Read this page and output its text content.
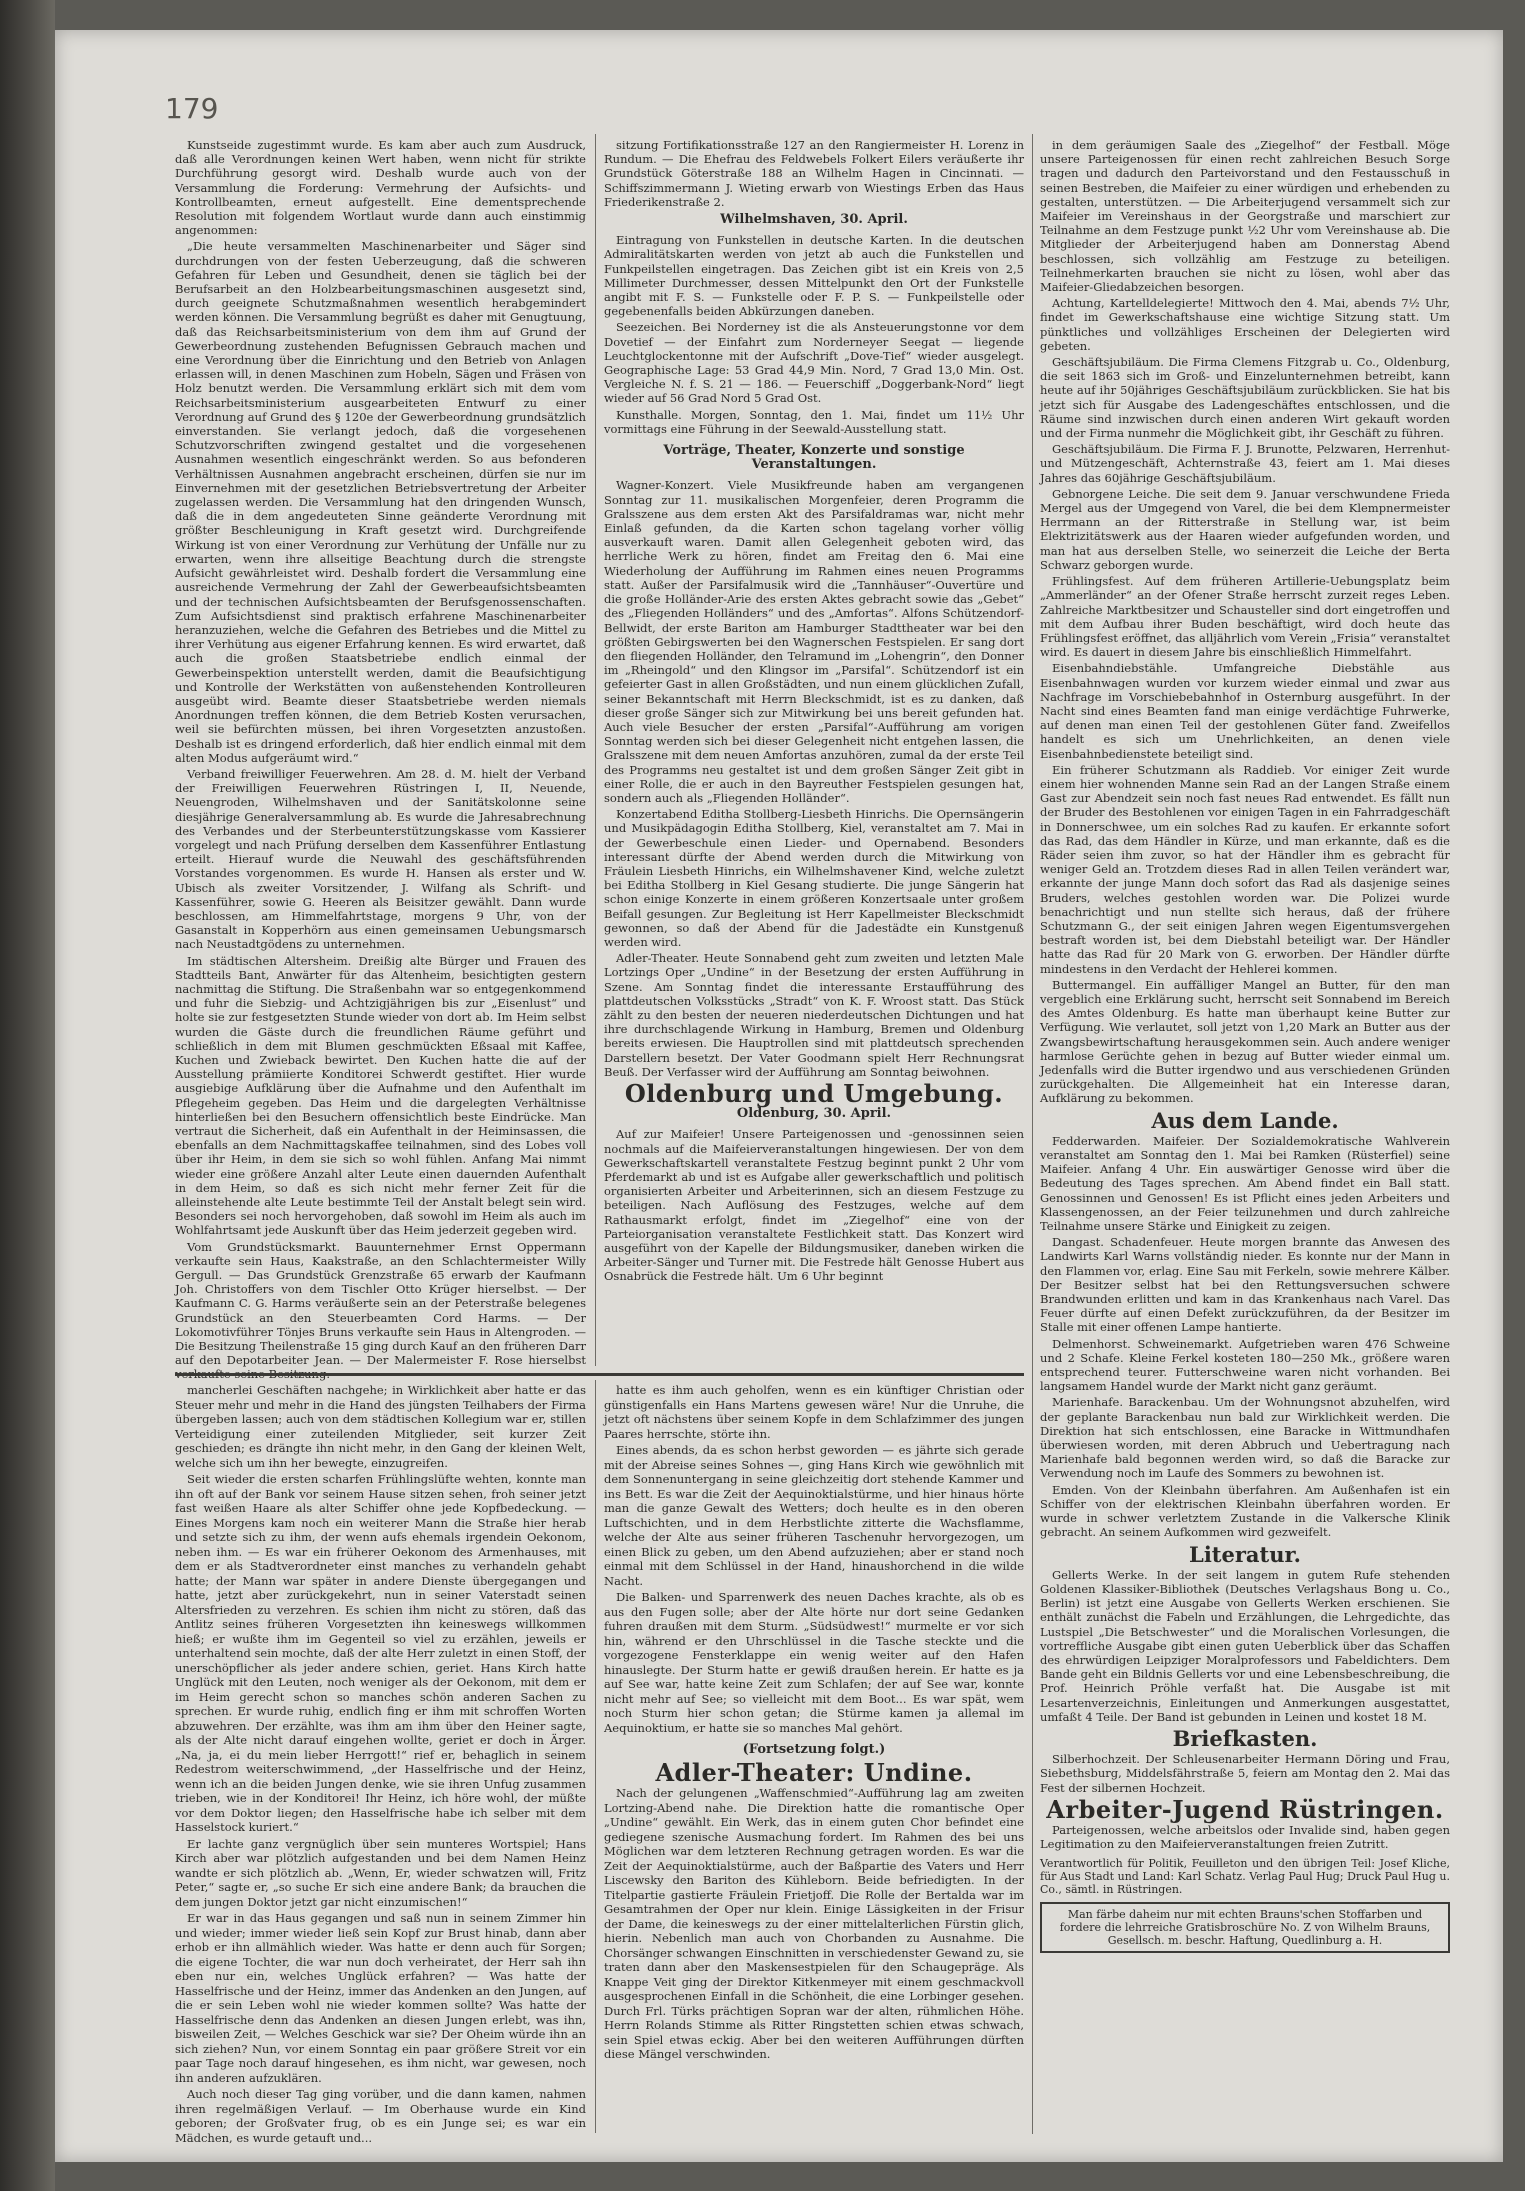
179

Kunstseide zugestimmt wurde. Es kam aber auch zum Ausdruck, daß alle Verordnungen keinen Wert haben, wenn nicht für strikte Durchführung gesorgt wird. Deshalb wurde auch von der Versammlung die Forderung: Vermehrung der Aufsichts- und Kontrollbeamten, erneut aufgestellt. Eine dementsprechende Resolution mit folgendem Wortlaut wurde dann auch einstimmig angenommen:

„Die heute versammelten Maschinenarbeiter und Säger sind durchdrungen von der festen Ueberzeugung, daß die schweren Gefahren für Leben und Gesundheit, denen sie täglich bei der Berufsarbeit an den Holzbearbeitungsmaschinen ausgesetzt sind, durch geeignete Schutzmaßnahmen wesentlich herabgemindert werden können. Die Versammlung begrüßt es daher mit Genugtuung, daß das Reichsarbeitsministerium von dem ihm auf Grund der Gewerbeordnung zustehenden Befugnissen Gebrauch machen und eine Verordnung über die Einrichtung und den Betrieb von Anlagen erlassen will, in denen Maschinen zum Hobeln, Sägen und Fräsen von Holz benutzt werden. Die Versammlung erklärt sich mit dem vom Reichsarbeitsministerium ausgearbeiteten Entwurf zu einer Verordnung auf Grund des § 120e der Gewerbeordnung grundsätzlich einverstanden. Sie verlangt jedoch, daß die vorgesehenen Schutzvorschriften zwingend gestaltet und die vorgesehenen Ausnahmen wesentlich eingeschränkt werden. So aus befonderen Verhältnissen Ausnahmen angebracht erscheinen, dürfen sie nur im Einvernehmen mit der gesetzlichen Betriebsvertretung der Arbeiter zugelassen werden. Die Versammlung hat den dringenden Wunsch, daß die in dem angedeuteten Sinne geänderte Verordnung mit größter Beschleunigung in Kraft gesetzt wird. Durchgreifende Wirkung ist von einer Verordnung zur Verhütung der Unfälle nur zu erwarten, wenn ihre allseitige Beachtung durch die strengste Aufsicht gewährleistet wird. Deshalb fordert die Versammlung eine ausreichende Vermehrung der Zahl der Gewerbeaufsichtsbeamten und der technischen Aufsichtsbeamten der Berufsgenossenschaften. Zum Aufsichtsdienst sind praktisch erfahrene Maschinenarbeiter heranzuziehen, welche die Gefahren des Betriebes und die Mittel zu ihrer Verhütung aus eigener Erfahrung kennen. Es wird erwartet, daß auch die großen Staatsbetriebe endlich einmal der Gewerbeinspektion unterstellt werden, damit die Beaufsichtigung und Kontrolle der Werkstätten von außenstehenden Kontrolleuren ausgeübt wird. Beamte dieser Staatsbetriebe werden niemals Anordnungen treffen können, die dem Betrieb Kosten verursachen, weil sie befürchten müssen, bei ihren Vorgesetzten anzustoßen. Deshalb ist es dringend erforderlich, daß hier endlich einmal mit dem alten Modus aufgeräumt wird.“

Verband freiwilliger Feuerwehren. Am 28. d. M. hielt der Verband der Freiwilligen Feuerwehren Rüstringen I, II, Neuende, Neuengroden, Wilhelmshaven und der Sanitätskolonne seine diesjährige Generalversammlung ab. Es wurde die Jahresabrechnung des Verbandes und der Sterbeunterstützungskasse vom Kassierer vorgelegt und nach Prüfung derselben dem Kassenführer Entlastung erteilt. Hierauf wurde die Neuwahl des geschäftsführenden Vorstandes vorgenommen. Es wurde H. Hansen als erster und W. Ubisch als zweiter Vorsitzender, J. Wilfang als Schrift- und Kassenführer, sowie G. Heeren als Beisitzer gewählt. Dann wurde beschlossen, am Himmelfahrtstage, morgens 9 Uhr, von der Gasanstalt in Kopperhörn aus einen gemeinsamen Uebungsmarsch nach Neustadtgödens zu unternehmen.

Im städtischen Altersheim. Dreißig alte Bürger und Frauen des Stadtteils Bant, Anwärter für das Altenheim, besichtigten gestern nachmittag die Stiftung. Die Straßenbahn war so entgegenkommend und fuhr die Siebzig- und Achtzigjährigen bis zur „Eisenlust“ und holte sie zur festgesetzten Stunde wieder von dort ab. Im Heim selbst wurden die Gäste durch die freundlichen Räume geführt und schließlich in dem mit Blumen geschmückten Eßsaal mit Kaffee, Kuchen und Zwieback bewirtet. Den Kuchen hatte die auf der Ausstellung prämiierte Konditorei Schwerdt gestiftet. Hier wurde ausgiebige Aufklärung über die Aufnahme und den Aufenthalt im Pflegeheim gegeben. Das Heim und die dargelegten Verhältnisse hinterließen bei den Besuchern offensichtlich beste Eindrücke. Man vertraut die Sicherheit, daß ein Aufenthalt in der Heiminsassen, die ebenfalls an dem Nachmittagskaffee teilnahmen, sind des Lobes voll über ihr Heim, in dem sie sich so wohl fühlen. Anfang Mai nimmt wieder eine größere Anzahl alter Leute einen dauernden Aufenthalt in dem Heim, so daß es sich nicht mehr ferner Zeit für die alleinstehende alte Leute bestimmte Teil der Anstalt belegt sein wird. Besonders sei noch hervorgehoben, daß sowohl im Heim als auch im Wohlfahrtsamt jede Auskunft über das Heim jederzeit gegeben wird.

Vom Grundstücksmarkt. Bauunternehmer Ernst Oppermann verkaufte sein Haus, Kaakstraße, an den Schlachtermeister Willy Gergull. — Das Grundstück Grenzstraße 65 erwarb der Kaufmann Joh. Christoffers von dem Tischler Otto Krüger hierselbst. — Der Kaufmann C. G. Harms veräußerte sein an der Peterstraße belegenes Grundstück an den Steuerbeamten Cord Harms. — Der Lokomotivführer Tönjes Bruns verkaufte sein Haus in Altengroden. — Die Besitzung Theilenstraße 15 ging durch Kauf an den früheren Darr auf den Depotarbeiter Jean. — Der Malermeister F. Rose hierselbst

sitzung Fortifikationsstraße 127 an den Rangiermeister H. Lorenz in Rundum. — Die Ehefrau des Feldwebels Folkert Eilers veräußerte ihr Grundstück Göterstraße 188 an Wilhelm Hagen in Cincinnati. — Schiffszimmermann J. Wieting erwarb von Wiestings Erben das Haus Friederikenstraße 2.

Wilhelmshaven, 30. April.

Eintragung von Funkstellen in deutsche Karten. In die deutschen Admiralitätskarten werden von jetzt ab auch die Funkstellen und Funkpeilstellen eingetragen. Das Zeichen gibt ist ein Kreis von 2,5 Millimeter Durchmesser, dessen Mittelpunkt den Ort der Funkstelle angibt mit F. S. — Funkstelle oder F. P. S. — Funkpeilstelle oder gegebenenfalls beiden Abkürzungen daneben.

Seezeichen. Bei Norderney ist die als Ansteuerungstonne vor dem Dovetief — der Einfahrt zum Norderneyer Seegat — liegende Leuchtglockentonne mit der Aufschrift „Dove-Tief“ wieder ausgelegt. Geographische Lage: 53 Grad 44,9 Min. Nord, 7 Grad 13,0 Min. Ost. Vergleiche N. f. S. 21 — 186. — Feuerschiff „Doggerbank-Nord“ liegt wieder auf 56 Grad Nord 5 Grad Ost.

Kunsthalle. Morgen, Sonntag, den 1. Mai, findet um 11½ Uhr vormittags eine Führung in der Seewald-Ausstellung statt.

Vorträge, Theater, Konzerte und sonstige Veranstaltungen.

Wagner-Konzert. Viele Musikfreunde haben am vergangenen Sonntag zur 11. musikalischen Morgenfeier, deren Programm die Gralsszene aus dem ersten Akt des Parsifaldramas war, nicht mehr Einlaß gefunden, da die Karten schon tagelang vorher völlig ausverkauft waren. Damit allen Gelegenheit geboten wird, das herrliche Werk zu hören, findet am Freitag den 6. Mai eine Wiederholung der Aufführung im Rahmen eines neuen Programms statt. Außer der Parsifalmusik wird die „Tannhäuser“-Ouvertüre und die große Holländer-Arie des ersten Aktes gebracht sowie das „Gebet“ des „Fliegenden Holländers“ und des „Amfortas“. Alfons Schützendorf-Bellwidt, der erste Bariton am Hamburger Stadttheater war bei den größten Gebirgswerten bei den Wagnerschen Festspielen. Er sang dort den fliegenden Holländer, den Telramund im „Lohengrin“, den Donner im „Rheingold“ und den Klingsor im „Parsifal“. Schützendorf ist ein gefeierter Gast in allen Großstädten, und nun einem glücklichen Zufall, seiner Bekanntschaft mit Herrn Bleckschmidt, ist es zu danken, daß dieser große Sänger sich zur Mitwirkung bei uns bereit gefunden hat. Auch viele Besucher der ersten „Parsifal“-Aufführung am vorigen Sonntag werden sich bei dieser Gelegenheit nicht entgehen lassen, die Gralsszene mit dem neuen Amfortas anzuhören, zumal da der erste Teil des Programms neu gestaltet ist und dem großen Sänger Zeit gibt in einer Rolle, die er auch in den Bayreuther Festspielen gesungen hat, sondern auch als „Fliegenden Holländer“.

Konzertabend Editha Stollberg-Liesbeth Hinrichs. Die Opernsängerin und Musikpädagogin Editha Stollberg, Kiel, veranstaltet am 7. Mai in der Gewerbeschule einen Lieder- und Opernabend. Besonders interessant dürfte der Abend werden durch die Mitwirkung von Fräulein Liesbeth Hinrichs, ein Wilhelmshavener Kind, welche zuletzt bei Editha Stollberg in Kiel Gesang studierte. Die junge Sängerin hat schon einige Konzerte in einem größeren Konzertsaale unter großem Beifall gesungen. Zur Begleitung ist Herr Kapellmeister Bleckschmidt gewonnen, so daß der Abend für die Jadestädte ein Kunstgenuß werden wird.

Adler-Theater. Heute Sonnabend geht zum zweiten und letzten Male Lortzings Oper „Undine“ in der Besetzung der ersten Aufführung in Szene. Am Sonntag findet die interessante Erstaufführung des plattdeutschen Volksstücks „Stradt“ von K. F. Wroost statt. Das Stück zählt zu den besten der neueren niederdeutschen Dichtungen und hat ihre durchschlagende Wirkung in Hamburg, Bremen und Oldenburg bereits erwiesen. Die Hauptrollen sind mit plattdeutsch sprechenden Darstellern besetzt. Der Vater Goodmann spielt Herr Rechnungsrat Beuß. Der Verfasser wird der Aufführung am Sonntag beiwohnen.

Oldenburg und Umgebung.
Oldenburg, 30. April.

Auf zur Maifeier! Unsere Parteigenossen und -genossinnen seien nochmals auf die Maifeierveranstaltungen hingewiesen. Der von dem Gewerkschaftskartell veranstaltete Festzug beginnt punkt 2 Uhr vom Pferdemarkt ab und ist es Aufgabe aller gewerkschaftlich und politisch organisierten Arbeiter und Arbeiterinnen, sich an diesem Festzuge zu beteiligen. Nach Auflösung des Festzuges, welche auf dem Rathausmarkt erfolgt, findet im „Ziegelhof“ eine von der Parteiorganisation veranstaltete Festlichkeit statt. Das Konzert wird ausgeführt von der Kapelle der Bildungsmusiker, daneben wirken die Arbeiter-Sänger und Turner mit. Die Festrede hält Genosse Hubert aus Osnabrück die Festrede hält. Um 6 Uhr beginnt

in dem geräumigen Saale des „Ziegelhof“ der Festball. Möge unsere Parteigenossen für einen recht zahlreichen Besuch Sorge tragen und dadurch den Parteivorstand und den Festausschuß in seinen Bestreben, die Maifeier zu einer würdigen und erhebenden zu gestalten, unterstützen. — Die Arbeiterjugend versammelt sich zur Maifeier im Vereinshaus in der Georgstraße und marschiert zur Teilnahme an dem Festzuge punkt ½2 Uhr vom Vereinshause ab. Die Mitglieder der Arbeiterjugend haben am Donnerstag Abend beschlossen, sich vollzählig am Festzuge zu beteiligen. Teilnehmerkarten brauchen sie nicht zu lösen, wohl aber das Maifeier-Gliedabzeichen besorgen.

Achtung, Kartelldelegierte! Mittwoch den 4. Mai, abends 7½ Uhr, findet im Gewerkschaftshause eine wichtige Sitzung statt. Um pünktliches und vollzähliges Erscheinen der Delegierten wird gebeten.

Geschäftsjubiläum. Die Firma Clemens Fitzgrab u. Co., Oldenburg, die seit 1863 sich im Groß- und Einzelunternehmen betreibt, kann heute auf ihr 50jähriges Geschäftsjubiläum zurückblicken. Sie hat bis jetzt sich für Ausgabe des Ladengeschäftes entschlossen, und die Räume sind inzwischen durch einen anderen Wirt gekauft worden und der Firma nunmehr die Möglichkeit gibt, ihr Geschäft zu führen.

Geschäftsjubiläum. Die Firma F. J. Brunotte, Pelzwaren, Herrenhut- und Mützengeschäft, Achternstraße 43, feiert am 1. Mai dieses Jahres das 60jährige Geschäftsjubiläum.

Gebnorgene Leiche. Die seit dem 9. Januar verschwundene Frieda Mergel aus der Umgegend von Varel, die bei dem Klempnermeister Herrmann an der Ritterstraße in Stellung war, ist beim Elektrizitätswerk aus der Haaren wieder aufgefunden worden, und man hat aus derselben Stelle, wo seinerzeit die Leiche der Berta Schwarz geborgen wurde.

Frühlingsfest. Auf dem früheren Artillerie-Uebungsplatz beim „Ammerländer“ an der Ofener Straße herrscht zurzeit reges Leben. Zahlreiche Marktbesitzer und Schausteller sind dort eingetroffen und mit dem Aufbau ihrer Buden beschäftigt, wird doch heute das Frühlingsfest eröffnet, das alljährlich vom Verein „Frisia“ veranstaltet wird. Es dauert in diesem Jahre bis einschließlich Himmelfahrt.

Eisenbahndiebstähle. Umfangreiche Diebstähle aus Eisenbahnwagen wurden vor kurzem wieder einmal und zwar aus Nachfrage im Vorschiebebahnhof in Osternburg ausgeführt. In der Nacht sind eines Beamten fand man einige verdächtige Fuhrwerke, auf denen man einen Teil der gestohlenen Güter fand. Zweifellos handelt es sich um Unehrlichkeiten, an denen viele Eisenbahnbedienstete beteiligt sind.

Ein früherer Schutzmann als Raddieb. Vor einiger Zeit wurde einem hier wohnenden Manne sein Rad an der Langen Straße einem Gast zur Abendzeit sein noch fast neues Rad entwendet. Es fällt nun der Bruder des Bestohlenen vor einigen Tagen in ein Fahrradgeschäft in Donnerschwee, um ein solches Rad zu kaufen. Er erkannte sofort das Rad, das dem Händler in Kürze, und man erkannte, daß es die Räder seien ihm zuvor, so hat der Händler ihm es gebracht für weniger Geld an. Trotzdem dieses Rad in allen Teilen verändert war, erkannte der junge Mann doch sofort das Rad als dasjenige seines Bruders, welches gestohlen worden war. Die Polizei wurde benachrichtigt und nun stellte sich heraus, daß der frühere Schutzmann G., der seit einigen Jahren wegen Eigentumsvergehen bestraft worden ist, bei dem Diebstahl beteiligt war. Der Händler hatte das Rad für 20 Mark von G. erworben. Der Händler dürfte mindestens in den Verdacht der Hehlerei kommen.

Buttermangel. Ein auffälliger Mangel an Butter, für den man vergeblich eine Erklärung sucht, herrscht seit Sonnabend im Bereich des Amtes Oldenburg. Es hatte man überhaupt keine Butter zur Verfügung. Wie verlautet, soll jetzt von 1,20 Mark an Butter aus der Zwangsbewirtschaftung herausgekommen sein. Auch andere weniger harmlose Gerüchte gehen in bezug auf Butter wieder einmal um. Jedenfalls wird die Butter irgendwo und aus verschiedenen Gründen zurückgehalten. Die Allgemeinheit hat ein Interesse daran, Aufklärung zu bekommen.

Aus dem Lande.

Fedderwarden. Maifeier. Der Sozialdemokratische Wahlverein veranstaltet am Sonntag den 1. Mai bei Ramken (Rüsterfiel) seine Maifeier. Anfang 4 Uhr. Ein auswärtiger Genosse wird über die Bedeutung des Tages sprechen. Am Abend findet ein Ball statt. Genossinnen und Genossen! Es ist Pflicht eines jeden Arbeiters und Klassengenossen, an der Feier teilzunehmen und durch zahlreiche Teilnahme unsere Stärke und Einigkeit zu zeigen.

Dangast. Schadenfeuer. Heute morgen brannte das Anwesen des Landwirts Karl Warns vollständig nieder. Es konnte nur der Mann in den Flammen vor, erlag. Eine Sau mit Ferkeln, sowie mehrere Kälber. Der Besitzer selbst hat bei den Rettungsversuchen schwere Brandwunden erlitten und kam in das Krankenhaus nach Varel. Das Feuer dürfte auf einen Defekt zurückzuführen, da der Besitzer im Stalle mit einer offenen Lampe hantierte.

Delmenhorst. Schweinemarkt. Aufgetrieben waren 476 Schweine und 2 Schafe. Kleine Ferkel kosteten 180—250 Mk., größere waren entsprechend teurer. Futterschweine waren nicht vorhanden. Bei langsamem Handel wurde der Markt nicht ganz geräumt.

Marienhafe. Barackenbau. Um der Wohnungsnot abzuhelfen, wird der geplante Barackenbau nun bald zur Wirklichkeit werden. Die Direktion hat sich entschlossen, eine Baracke in Wittmundhafen überwiesen worden, mit deren Abbruch und Uebertragung nach Marienhafe bald begonnen werden wird, so daß die Baracke zur Verwendung noch im Laufe des Sommers zu bewohnen ist.

Emden. Von der Kleinbahn überfahren. Am Außenhafen ist ein Schiffer von der elektrischen Kleinbahn überfahren worden. Er wurde in schwer verletztem Zustande in die Valkersche Klinik gebracht. An seinem Aufkommen wird gezweifelt.

Literatur.

Gellerts Werke. In der seit langem in gutem Rufe stehenden Goldenen Klassiker-Bibliothek (Deutsches Verlagshaus Bong u. Co., Berlin) ist jetzt eine Ausgabe von Gellerts Werken erschienen. Sie enthält zunächst die Fabeln und Erzählungen, die Lehrgedichte, das Lustspiel „Die Betschwester“ und die Moralischen Vorlesungen, die vortreffliche Ausgabe gibt einen guten Ueberblick über das Schaffen des ehrwürdigen Leipziger Moralprofessors und Fabeldichters. Dem Bande geht ein Bildnis Gellerts vor und eine Lebensbeschreibung, die Prof. Heinrich Pröhle verfaßt hat. Die Ausgabe ist mit Lesartenverzeichnis, Einleitungen und Anmerkungen ausgestattet, umfaßt 4 Teile. Der Band ist gebunden in Leinen und kostet 18 M.

Briefkasten.

Silberhochzeit. Der Schleusenarbeiter Hermann Döring und Frau, Siebethsburg, Middelsfährstraße 5, feiern am Montag den 2. Mai das Fest der silbernen Hochzeit.

Arbeiter-Jugend Rüstringen.

Parteigenossen, welche arbeitslos oder Invalide sind, haben gegen Legitimation zu den Maifeierveranstaltungen freien Zutritt.

Verantwortlich für Politik, Feuilleton und den übrigen Teil: Josef Kliche, für Aus Stadt und Land: Karl Schatz. Verlag Paul Hug; Druck Paul Hug u. Co., sämtl. in Rüstringen.
Man färbe daheim nur mit echten Brauns'schen Stoffarben und fordere die lehrreiche Gratisbroschüre No. Z von Wilhelm Brauns, Gesellsch. m. beschr. Haftung, Quedlinburg a. H.

mancherlei Geschäften nachgehe; in Wirklichkeit aber hatte er das Steuer mehr und mehr in die Hand des jüngsten Teilhabers der Firma übergeben lassen; auch von dem städtischen Kollegium war er, stillen Verteidigung einer zuteilenden Mitglieder, seit kurzer Zeit geschieden; es drängte ihn nicht mehr, in den Gang der kleinen Welt, welche sich um ihn her bewegte, einzugreifen.

Seit wieder die ersten scharfen Frühlingslüfte wehten, konnte man ihn oft auf der Bank vor seinem Hause sitzen sehen, froh seiner jetzt fast weißen Haare als alter Schiffer ohne jede Kopfbedeckung. — Eines Morgens kam noch ein weiterer Mann die Straße hier herab und setzte sich zu ihm, der wenn aufs ehemals irgendein Oekonom, neben ihm. — Es war ein früherer Oekonom des Armenhauses, mit dem er als Stadtverordneter einst manches zu verhandeln gehabt hatte; der Mann war später in andere Dienste übergegangen und hatte, jetzt aber zurückgekehrt, nun in seiner Vaterstadt seinen Altersfrieden zu verzehren. Es schien ihm nicht zu stören, daß das Antlitz seines früheren Vorgesetzten ihn keineswegs willkommen hieß; er wußte ihm im Gegenteil so viel zu erzählen, jeweils er unterhaltend sein mochte, daß der alte Herr zuletzt in einen Stoff, der unerschöpflicher als jeder andere schien, geriet. Hans Kirch hatte Unglück mit den Leuten, noch weniger als der Oekonom, mit dem er im Heim gerecht schon so manches schön anderen Sachen zu sprechen. Er wurde ruhig, endlich fing er ihm mit schroffen Worten abzuwehren. Der erzählte, was ihm am ihm über den Heiner sagte, als der Alte nicht darauf eingehen wollte, geriet er doch in Ärger. „Na, ja, ei du mein lieber Herrgott!“ rief er, behaglich in seinem Redestrom weiterschwimmend, „der Hasselfrische und der Heinz, wenn ich an die beiden Jungen denke, wie sie ihren Unfug zusammen trieben, wie in der Konditorei! Ihr Heinz, ich höre wohl, der müßte vor dem Doktor liegen; den Hasselfrische habe ich selber mit dem Hasselstock kuriert.“

Er lachte ganz vergnüglich über sein munteres Wortspiel; Hans Kirch aber war plötzlich aufgestanden und bei dem Namen Heinz wandte er sich plötzlich ab. „Wenn, Er, wieder schwatzen will, Fritz Peter,“ sagte er, „so suche Er sich eine andere Bank; da brauchen die dem jungen Doktor jetzt gar nicht einzumischen!“

Er war in das Haus gegangen und saß nun in seinem Zimmer hin und wieder; immer wieder ließ sein Kopf zur Brust hinab, dann aber erhob er ihn allmählich wieder. Was hatte er denn auch für Sorgen; die eigene Tochter, die war nun doch verheiratet, der Herr sah ihn eben nur ein, welches Unglück erfahren? — Was hatte der Hasselfrische und der Heinz, immer das Andenken an den Jungen, auf die er sein Leben wohl nie wieder kommen sollte? Was hatte der Hasselfrische denn das Andenken an diesen Jungen erlebt, was ihn, bisweilen Zeit, — Welches Geschick war sie? Der Oheim würde ihn an sich ziehen? Nun, vor einem Sonntag ein paar größere Streit vor ein paar Tage noch darauf hingesehen, es ihm nicht, war gewesen, noch ihn anderen aufzuklären.

Auch noch dieser Tag ging vorüber, und die dann kamen, nahmen ihren regelmäßigen Verlauf. — Im Oberhause wurde ein Kind geboren; der Großvater frug, ob es ein Junge sei; es war ein Mädchen, es wurde getauft und...

hatte es ihm auch geholfen, wenn es ein künftiger Christian oder günstigenfalls ein Hans Martens gewesen wäre! Nur die Unruhe, die jetzt oft nächstens über seinem Kopfe in dem Schlafzimmer des jungen Paares herrschte, störte ihn.

Eines abends, da es schon herbst geworden — es jährte sich gerade mit der Abreise seines Sohnes —, ging Hans Kirch wie gewöhnlich mit dem Sonnenuntergang in seine gleichzeitig dort stehende Kammer und ins Bett. Es war die Zeit der Aequinoktialstürme, und hier hinaus hörte man die ganze Gewalt des Wetters; doch heulte es in den oberen Luftschichten, und in dem Herbstlichte zitterte die Wachsflamme, welche der Alte aus seiner früheren Taschenuhr hervorgezogen, um einen Blick zu geben, um den Abend aufzuziehen; aber er stand noch einmal mit dem Schlüssel in der Hand, hinaushorchend in die wilde Nacht.

Die Balken- und Sparrenwerk des neuen Daches krachte, als ob es aus den Fugen solle; aber der Alte hörte nur dort seine Gedanken fuhren draußen mit dem Sturm. „Südsüdwest!“ murmelte er vor sich hin, während er den Uhrschlüssel in die Tasche steckte und die vorgezogene Fensterklappe ein wenig weiter auf den Hafen hinauslegte. Der Sturm hatte er gewiß draußen herein. Er hatte es ja auf See war, hatte keine Zeit zum Schlafen; der auf See war, konnte nicht mehr auf See; so vielleicht mit dem Boot... Es war spät, wem noch Sturm hier schon getan; die Stürme kamen ja allemal im Aequinoktium, er hatte sie so manches Mal gehört.

(Fortsetzung folgt.)
Adler-Theater: Undine.

Nach der gelungenen „Waffenschmied“-Aufführung lag am zweiten Lortzing-Abend nahe. Die Direktion hatte die romantische Oper „Undine“ gewählt. Ein Werk, das in einem guten Chor befindet eine gediegene szenische Ausmachung fordert. Im Rahmen des bei uns Möglichen war dem letzteren Rechnung getragen worden. Es war die Zeit der Aequinoktialstürme, auch der Baßpartie des Vaters und Herr Liscewsky den Bariton des Kühleborn. Beide befriedigten. In der Titelpartie gastierte Fräulein Frietjoff. Die Rolle der Bertalda war im Gesamtrahmen der Oper nur klein. Einige Lässigkeiten in der Frisur der Dame, die keineswegs zu der einer mittelalterlichen Fürstin glich, hierin. Nebenlich man auch von Chorbanden zu Ausnahme. Die Chorsänger schwangen Einschnitten in verschiedenster Gewand zu, sie traten dann aber den Maskensestpielen für den Schaugepräge. Als Knappe Veit ging der Direktor Kitkenmeyer mit einem geschmackvoll ausgesprochenen Einfall in die Schönheit, die eine Lorbinger gesehen. Durch Frl. Türks prächtigen Sopran war der alten, rühmlichen Höhe. Herrn Rolands Stimme als Ritter Ringstetten schien etwas schwach, sein Spiel etwas eckig. Aber bei den weiteren Aufführungen dürften diese Mängel verschwinden.
